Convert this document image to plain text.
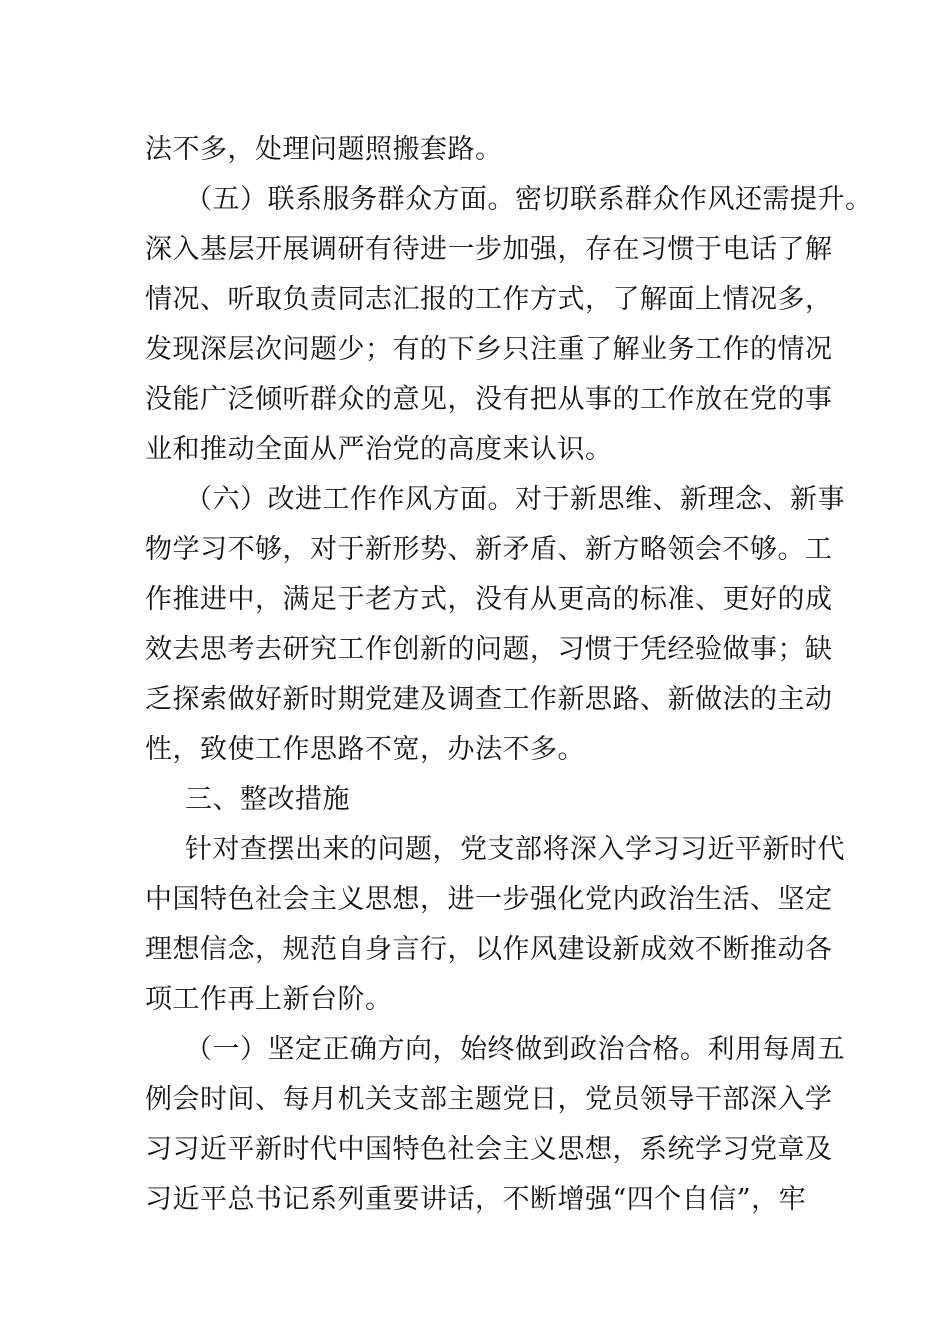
法不多，处理问题照搬套路。
（五）联系服务群众方面。密切联系群众作风还需提升。
深入基层开展调研有待进一步加强，存在习惯于电话了解
情况、听取负责同志汇报的工作方式，了解面上情况多，
发现深层次问题少；有的下乡只注重了解业务工作的情况
没能广泛倾听群众的意见，没有把从事的工作放在党的事
业和推动全面从严治党的高度来认识。
（六）改进工作作风方面。对于新思维、新理念、新事
物学习不够，对于新形势、新矛盾、新方略领会不够。工
作推进中，满足于老方式，没有从更高的标准、更好的成
效去思考去研究工作创新的问题，习惯于凭经验做事；缺
乏探索做好新时期党建及调查工作新思路、新做法的主动
性，致使工作思路不宽，办法不多。
三、整改措施
针对查摆出来的问题，党支部将深入学习习近平新时代
中国特色社会主义思想，进一步强化党内政治生活、坚定
理想信念，规范自身言行，以作风建设新成效不断推动各
项工作再上新台阶。
（一）坚定正确方向，始终做到政治合格。利用每周五
例会时间、每月机关支部主题党日，党员领导干部深入学
习习近平新时代中国特色社会主义思想，系统学习党章及
习近平总书记系列重要讲话，不断增强“四个自信”，牢
